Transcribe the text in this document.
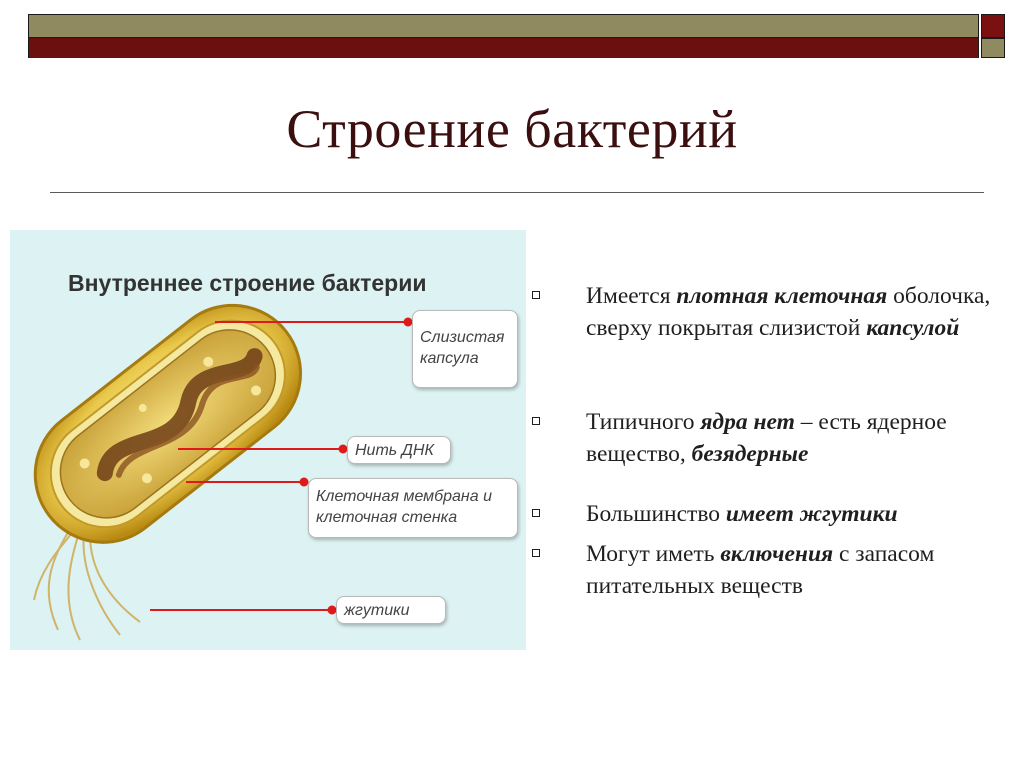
Строение бактерий
Внутреннее строение бактерии
Слизистая
капсула
Нить ДНК
Клеточная мембрана и
клеточная стенка
жгутики
Имеется плотная клеточная оболочка, сверху покрытая слизистой капсулой
Типичного ядра нет – есть ядерное вещество, безядерные
Большинство имеет жгутики
Могут иметь включения с запасом питательных веществ
